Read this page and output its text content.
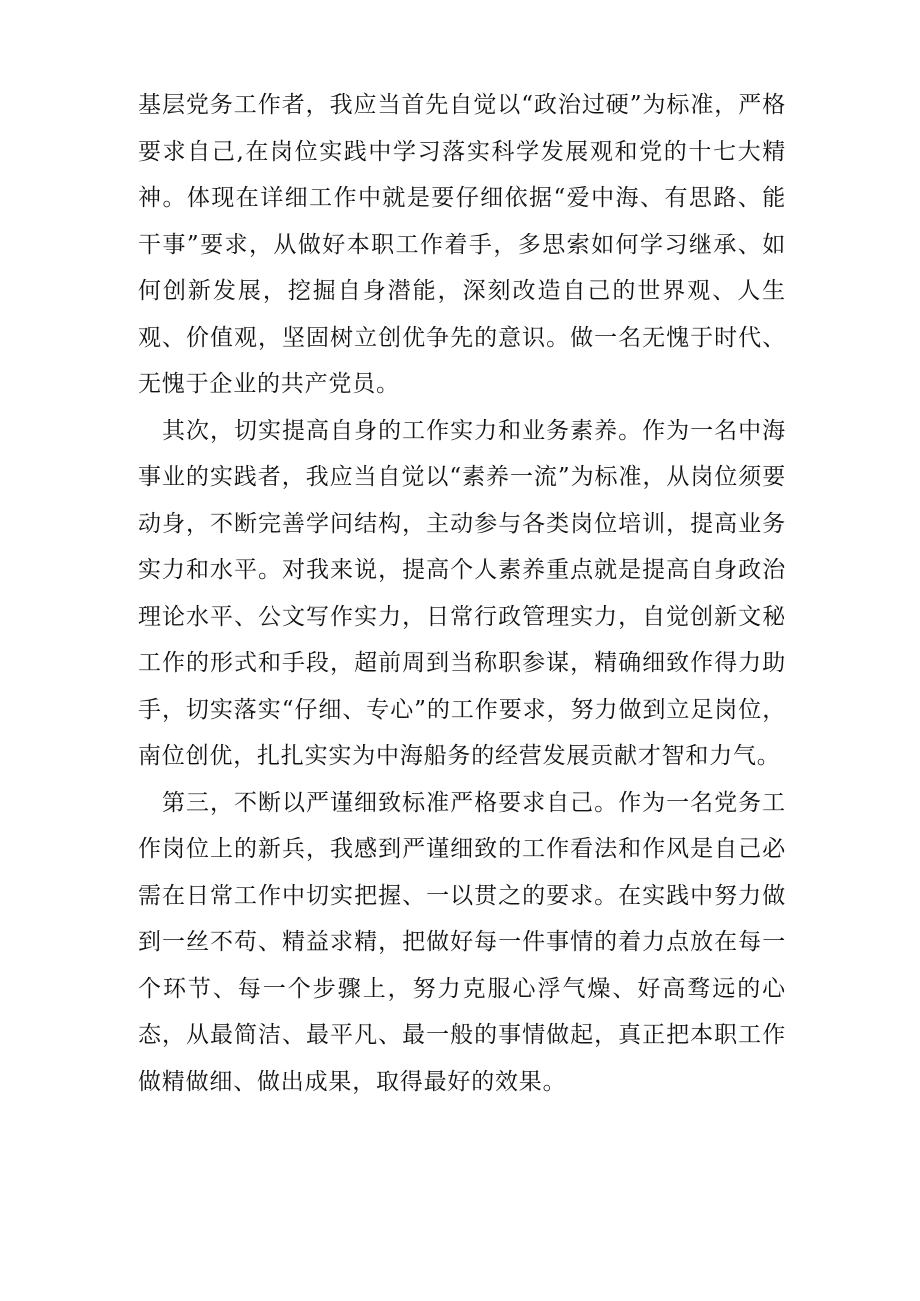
基层党务工作者，我应当首先自觉以“政治过硬”为标准，严格要求自己,在岗位实践中学习落实科学发展观和党的十七大精神。体现在详细工作中就是要仔细依据“爱中海、有思路、能干事”要求，从做好本职工作着手，多思索如何学习继承、如何创新发展，挖掘自身潜能，深刻改造自己的世界观、人生观、价值观，坚固树立创优争先的意识。做一名无愧于时代、无愧于企业的共产党员。

其次，切实提高自身的工作实力和业务素养。作为一名中海事业的实践者，我应当自觉以“素养一流”为标准，从岗位须要动身，不断完善学问结构，主动参与各类岗位培训，提高业务实力和水平。对我来说，提高个人素养重点就是提高自身政治理论水平、公文写作实力，日常行政管理实力，自觉创新文秘工作的形式和手段，超前周到当称职参谋，精确细致作得力助手，切实落实“仔细、专心”的工作要求，努力做到立足岗位，南位创优，扎扎实实为中海船务的经营发展贡献才智和力气。

第三，不断以严谨细致标准严格要求自己。作为一名党务工作岗位上的新兵，我感到严谨细致的工作看法和作风是自己必需在日常工作中切实把握、一以贯之的要求。在实践中努力做到一丝不苟、精益求精，把做好每一件事情的着力点放在每一个环节、每一个步骤上，努力克服心浮气燥、好高骛远的心态，从最简洁、最平凡、最一般的事情做起，真正把本职工作做精做细、做出成果，取得最好的效果。
